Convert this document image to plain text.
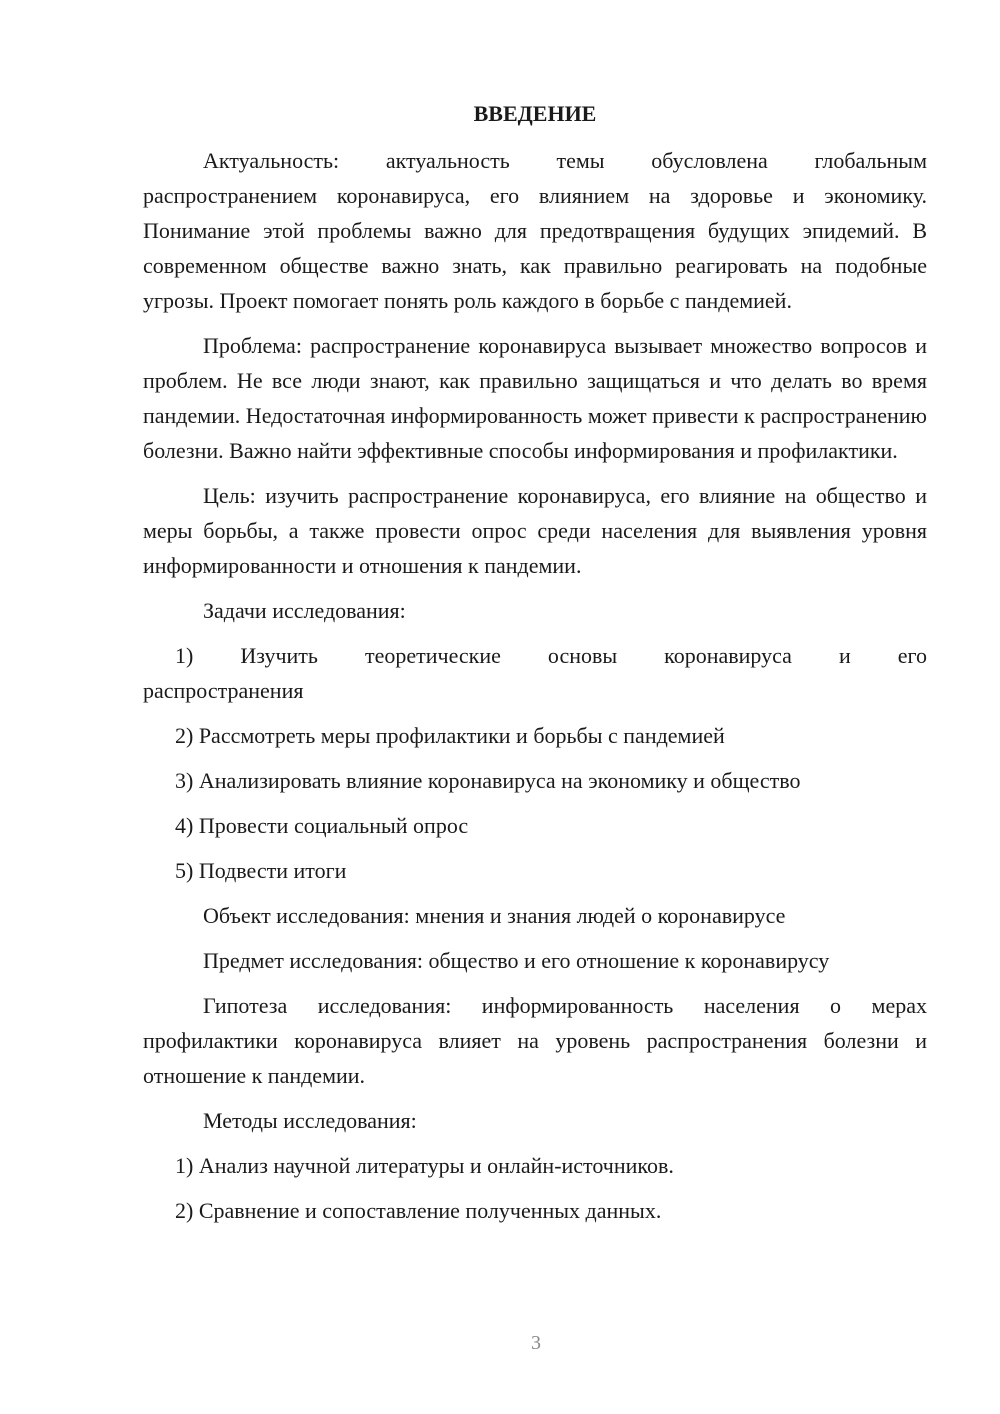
ВВЕДЕНИЕ

Актуальность: актуальность темы обусловлена глобальным распространением коронавируса, его влиянием на здоровье и экономику. Понимание этой проблемы важно для предотвращения будущих эпидемий. В современном обществе важно знать, как правильно реагировать на подобные угрозы. Проект помогает понять роль каждого в борьбе с пандемией.

Проблема: распространение коронавируса вызывает множество вопросов и проблем. Не все люди знают, как правильно защищаться и что делать во время пандемии. Недостаточная информированность может привести к распространению болезни. Важно найти эффективные способы информирования и профилактики.

Цель: изучить распространение коронавируса, его влияние на общество и меры борьбы, а также провести опрос среди населения для выявления уровня информированности и отношения к пандемии.

Задачи исследования:

1) Изучить теоретические основы коронавируса и его распространения

2) Рассмотреть меры профилактики и борьбы с пандемией

3) Анализировать влияние коронавируса на экономику и общество

4) Провести социальный опрос

5) Подвести итоги

Объект исследования: мнения и знания людей о коронавирусе

Предмет исследования: общество и его отношение к коронавирусу

Гипотеза исследования: информированность населения о мерах профилактики коронавируса влияет на уровень распространения болезни и отношение к пандемии.

Методы исследования:

1) Анализ научной литературы и онлайн-источников.

2) Сравнение и сопоставление полученных данных.

3
